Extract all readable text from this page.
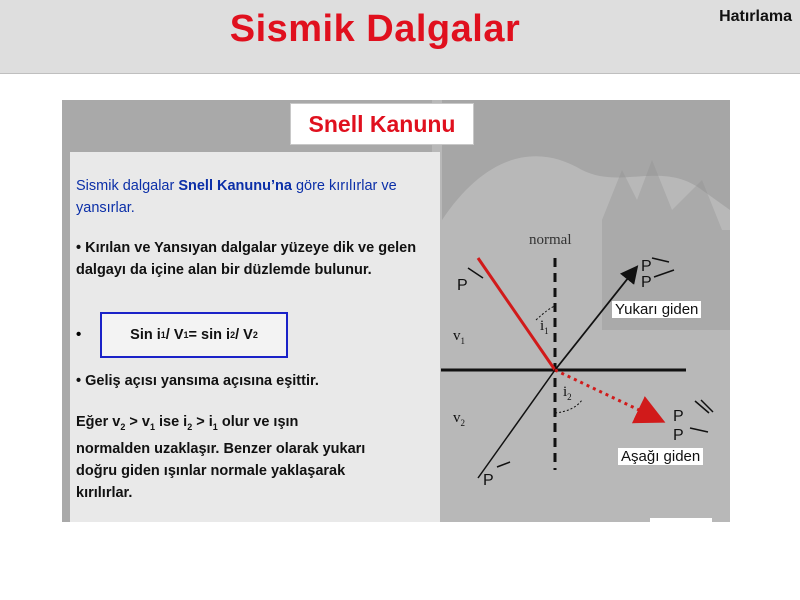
Sismik Dalgalar	Hatırlama
Snell Kanunu
Sismik dalgalar Snell Kanunu’na göre kırılırlar ve yansırlar.
• Kırılan ve Yansıyan dalgalar yüzeye dik ve gelen dalgayı da içine alan bir düzlemde bulunur.
•	Sin i 1 / V 1 = sin i 2 / V 2
• Geliş açısı yansıma açısına eşittir.
Eğer $v_2 > v_1$ ise $i_2 > i_1$ olur ve ışın normalden uzaklaşır. Benzer olarak yukarı doğru giden ışınlar normale yaklaşarak kırılırlar.
normal
$v_1$
$v_2$
$i_1$
$i_2$
P
P
P
Yukarı giden
P
P
Aşağı giden
P
